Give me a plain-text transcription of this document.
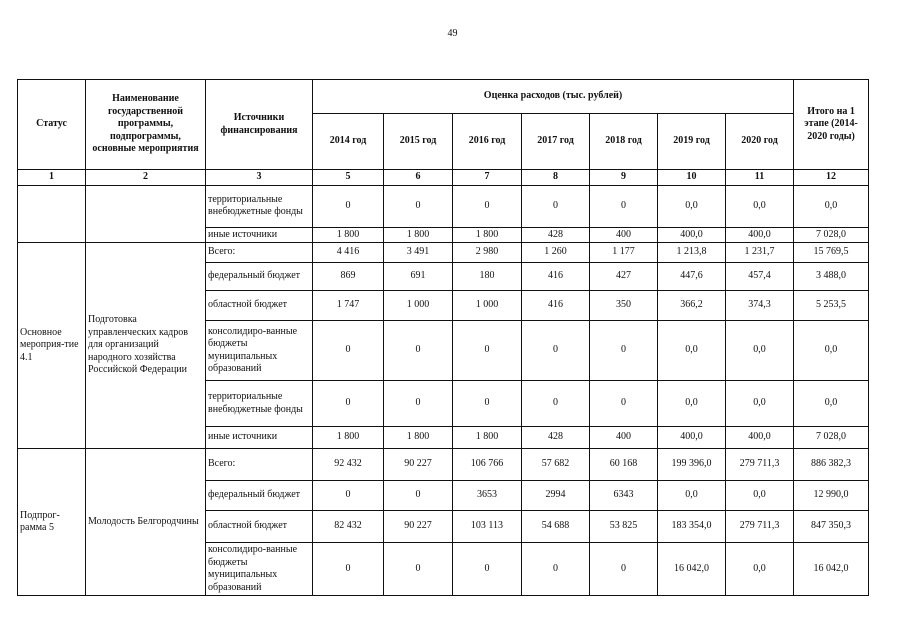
49
Статус	Наименование государственной программы, подпрограммы, основные мероприятия	Источники финансирования	Оценка расходов (тыс. рублей)							Итого на 1 этапе (2014-2020 годы)
			2014 год	2015 год	2016 год	2017 год	2018 год	2019 год	2020 год	
1	2	3	5	6	7	8	9	10	11	12
		территориальные внебюджетные фонды	0	0	0	0	0	0,0	0,0	0,0
		иные источники	1 800	1 800	1 800	428	400	400,0	400,0	7 028,0
Основное мероприя-тие 4.1	Подготовка управленческих кадров для организаций народного хозяйства Российской Федерации	Всего:	4 416	3 491	2 980	1 260	1 177	1 213,8	1 231,7	15 769,5
		федеральный бюджет	869	691	180	416	427	447,6	457,4	3 488,0
		областной бюджет	1 747	1 000	1 000	416	350	366,2	374,3	5 253,5
		консолидиро-ванные бюджеты муниципальных образований	0	0	0	0	0	0,0	0,0	0,0
		территориальные внебюджетные фонды	0	0	0	0	0	0,0	0,0	0,0
		иные источники	1 800	1 800	1 800	428	400	400,0	400,0	7 028,0
Подпрог-рамма 5	Молодость Белгородчины	Всего:	92 432	90 227	106 766	57 682	60 168	199 396,0	279 711,3	886 382,3
		федеральный бюджет	0	0	3653	2994	6343	0,0	0,0	12 990,0
		областной бюджет	82 432	90 227	103 113	54 688	53 825	183 354,0	279 711,3	847 350,3
		консолидиро-ванные бюджеты муниципальных образований	0	0	0	0	0	16 042,0	0,0	16 042,0
